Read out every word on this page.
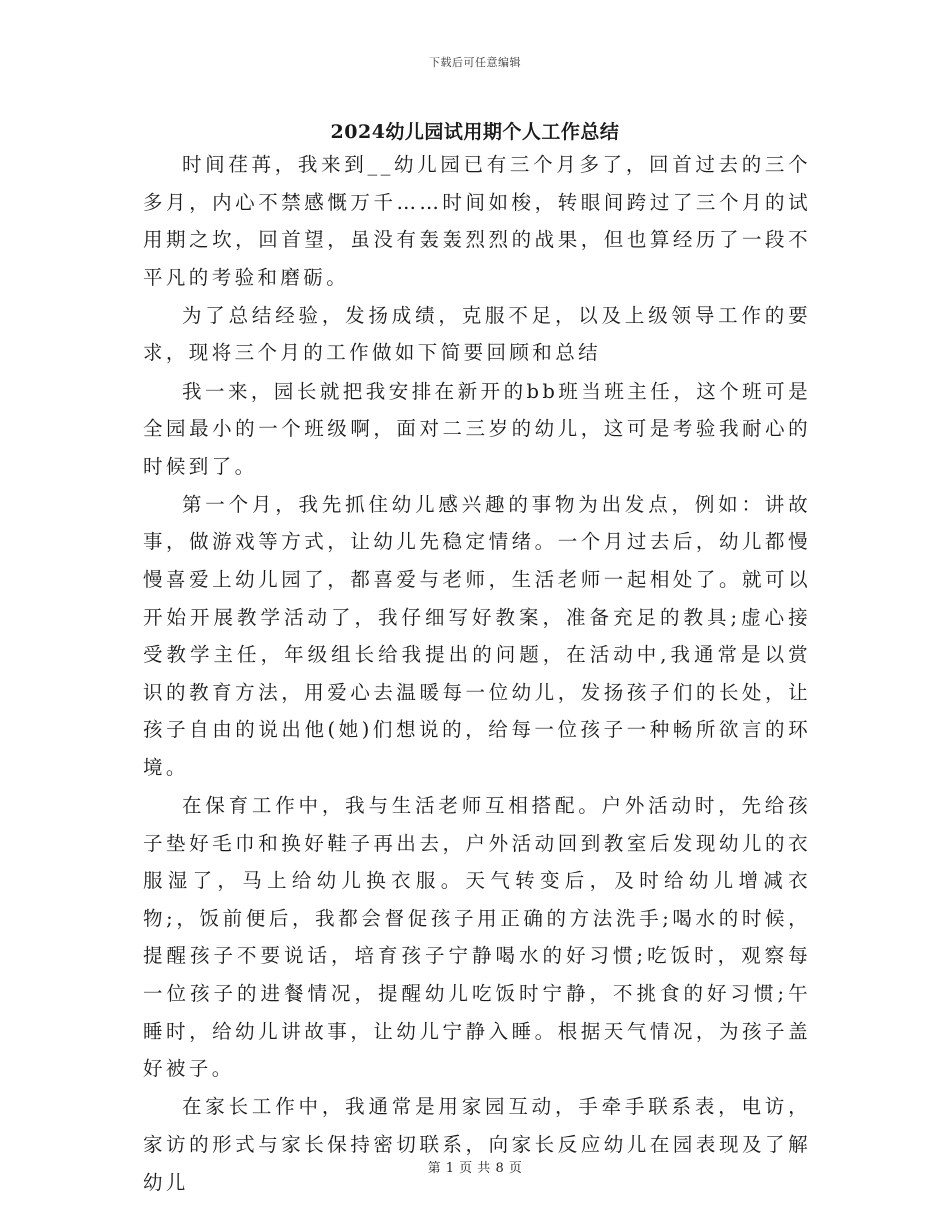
下载后可任意编辑
2024幼儿园试用期个人工作总结

时间荏苒，我来到__幼儿园已有三个月多了，回首过去的三个多月，内心不禁感慨万千……时间如梭，转眼间跨过了三个月的试用期之坎，回首望，虽没有轰轰烈烈的战果，但也算经历了一段不平凡的考验和磨砺。

为了总结经验，发扬成绩，克服不足，以及上级领导工作的要求，现将三个月的工作做如下简要回顾和总结

我一来，园长就把我安排在新开的bb班当班主任，这个班可是全园最小的一个班级啊，面对二三岁的幼儿，这可是考验我耐心的时候到了。

第一个月，我先抓住幼儿感兴趣的事物为出发点，例如：讲故事，做游戏等方式，让幼儿先稳定情绪。一个月过去后，幼儿都慢慢喜爱上幼儿园了，都喜爱与老师，生活老师一起相处了。就可以开始开展教学活动了，我仔细写好教案，准备充足的教具;虚心接受教学主任，年级组长给我提出的问题，在活动中,我通常是以赏识的教育方法，用爱心去温暖每一位幼儿，发扬孩子们的长处，让孩子自由的说出他(她)们想说的，给每一位孩子一种畅所欲言的环境。

在保育工作中，我与生活老师互相搭配。户外活动时，先给孩子垫好毛巾和换好鞋子再出去，户外活动回到教室后发现幼儿的衣服湿了，马上给幼儿换衣服。天气转变后，及时给幼儿增减衣物;，饭前便后，我都会督促孩子用正确的方法洗手;喝水的时候，提醒孩子不要说话，培育孩子宁静喝水的好习惯;吃饭时，观察每一位孩子的进餐情况，提醒幼儿吃饭时宁静，不挑食的好习惯;午睡时，给幼儿讲故事，让幼儿宁静入睡。根据天气情况，为孩子盖好被子。

在家长工作中，我通常是用家园互动，手牵手联系表，电访，家访的形式与家长保持密切联系，向家长反应幼儿在园表现及了解幼儿

第 1 页 共 8 页
